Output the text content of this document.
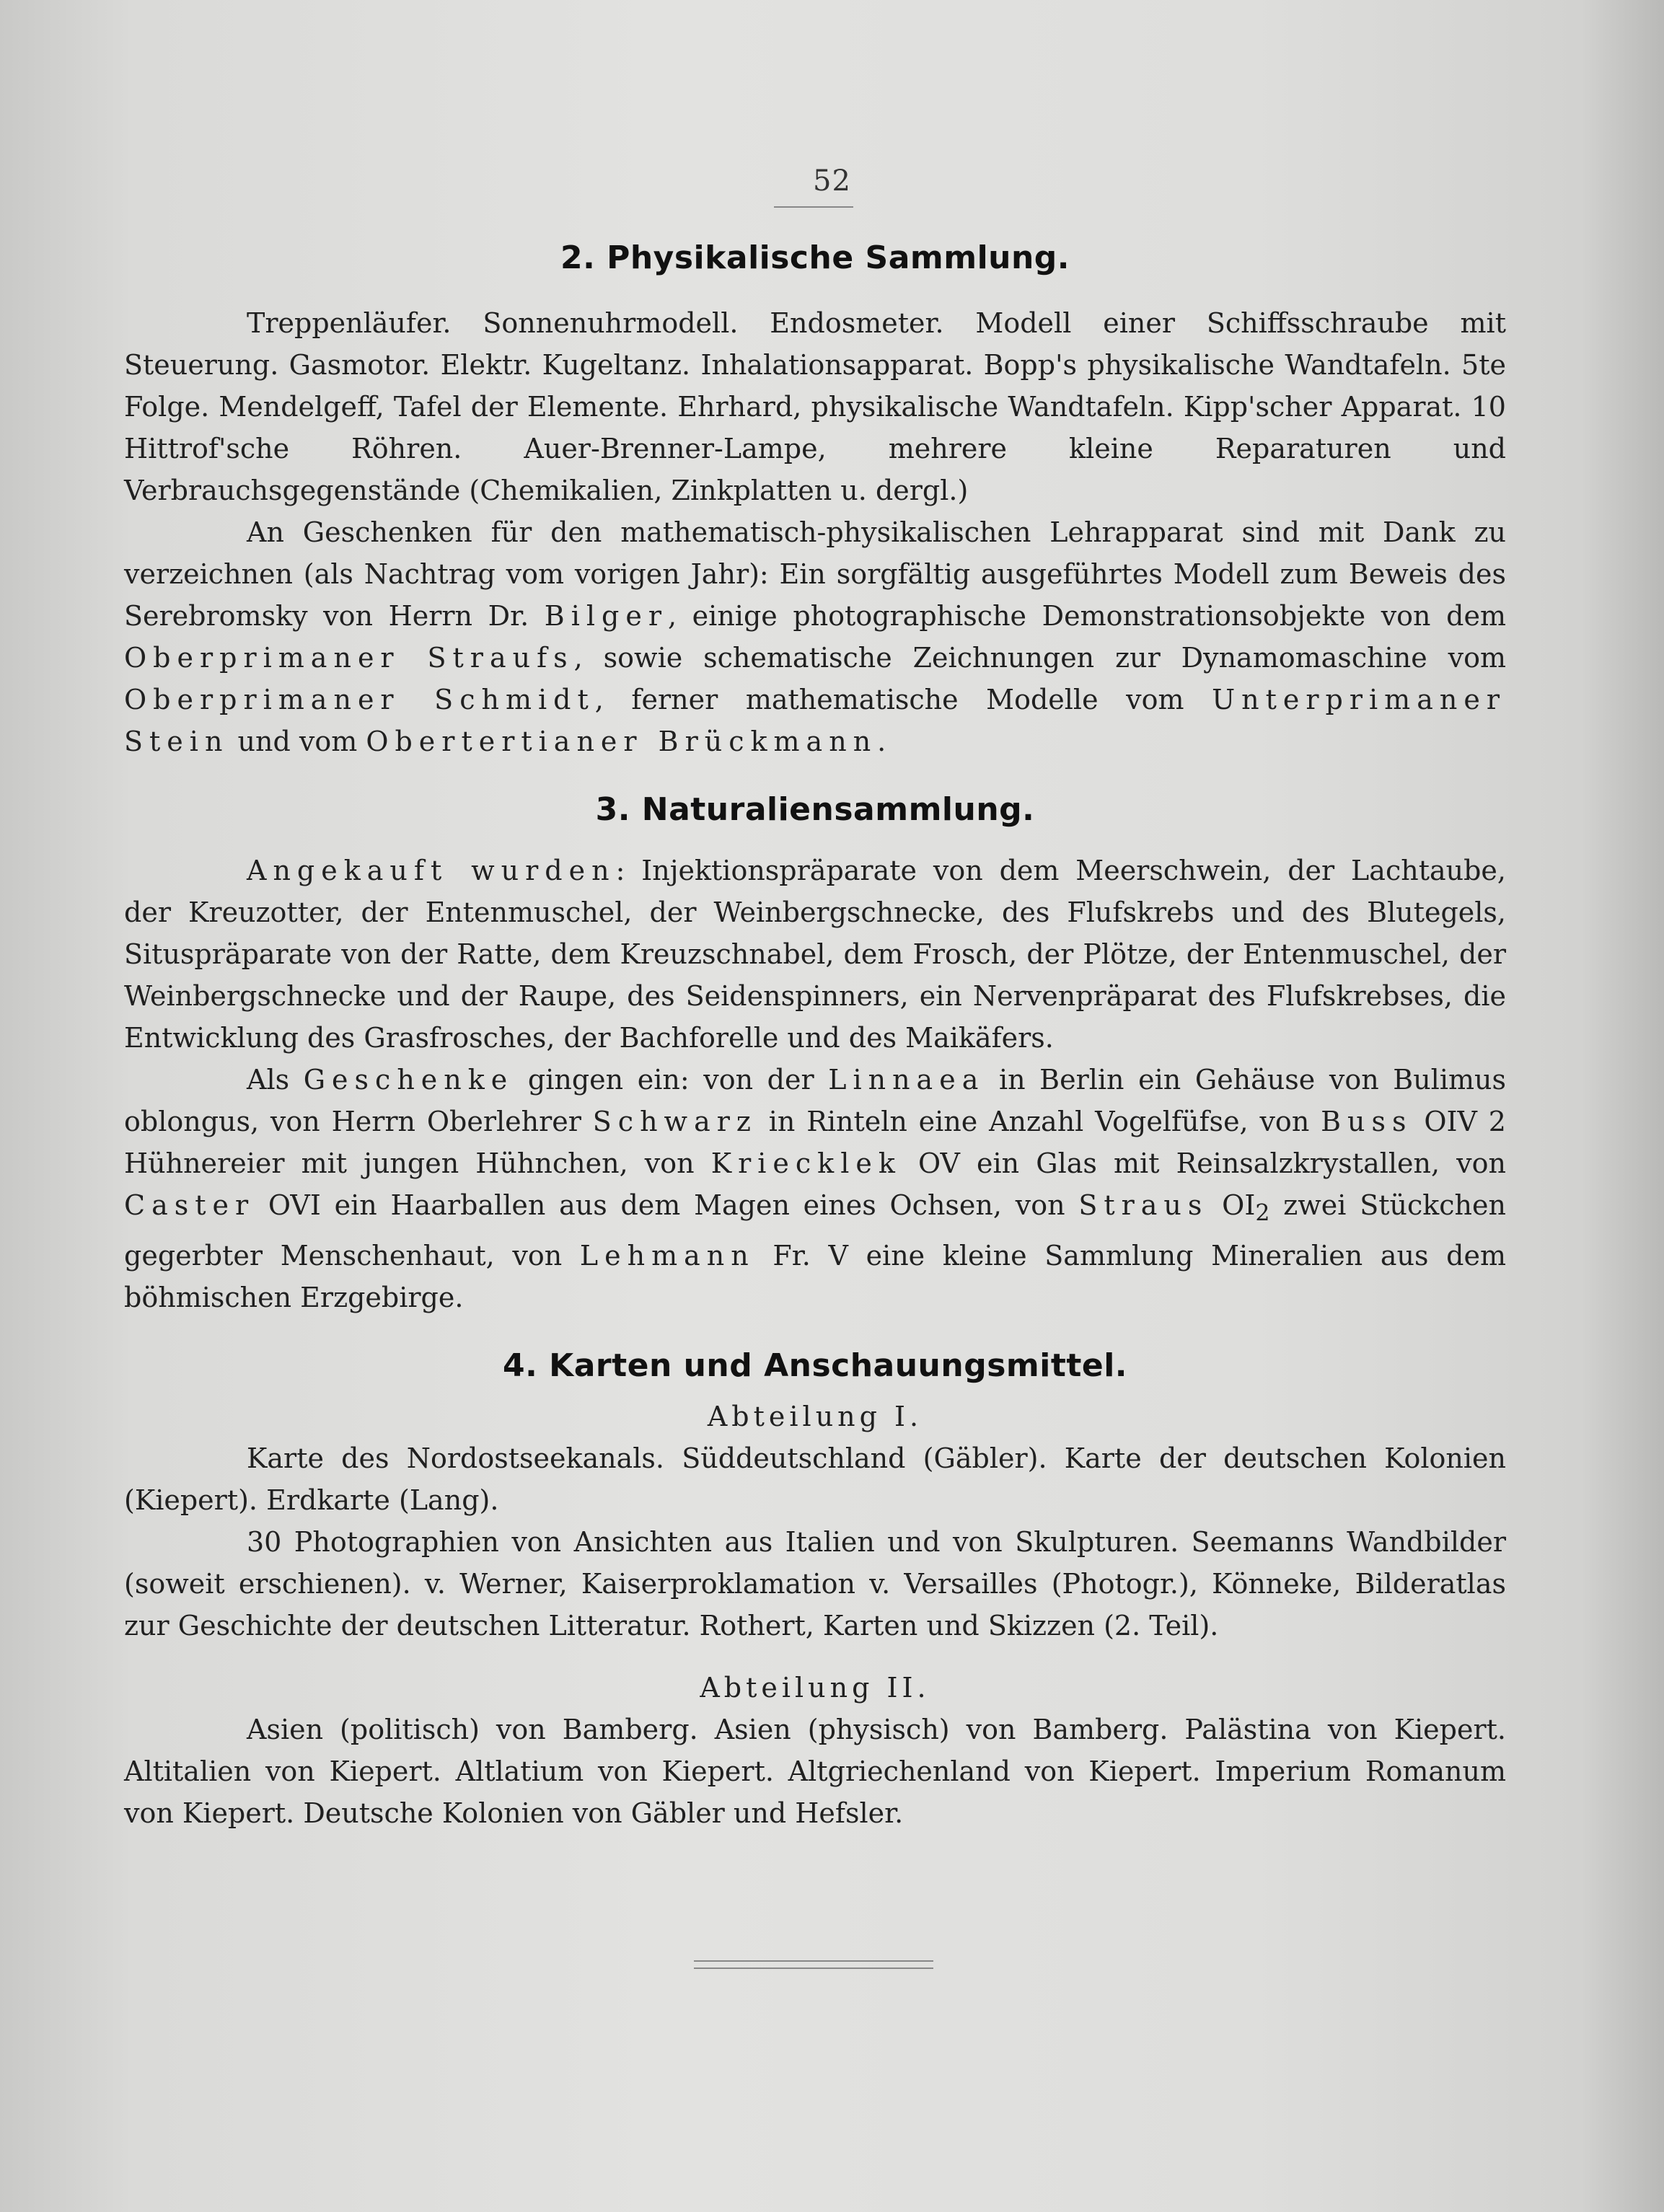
52
2. Physikalische Sammlung.

Treppenläufer. Sonnenuhrmodell. Endosmeter. Modell einer Schiffsschraube mit Steuerung. Gasmotor. Elektr. Kugeltanz. Inhalationsapparat. Bopp's physikalische Wandtafeln. 5te Folge. Mendelgeff, Tafel der Elemente. Ehrhard, physikalische Wandtafeln. Kipp'scher Apparat. 10 Hittrof'sche Röhren. Auer-Brenner-Lampe, mehrere kleine Reparaturen und Verbrauchsgegenstände (Chemikalien, Zinkplatten u. dergl.)

An Geschenken für den mathematisch-physikalischen Lehrapparat sind mit Dank zu verzeichnen (als Nachtrag vom vorigen Jahr): Ein sorgfältig ausgeführtes Modell zum Beweis des Serebromsky von Herrn Dr. Bilger, einige photographische Demonstrationsobjekte von dem Oberprimaner Straufs, sowie schematische Zeichnungen zur Dynamomaschine vom Oberprimaner Schmidt, ferner mathematische Modelle vom Unterprimaner Stein und vom Obertertianer Brückmann.

3. Naturaliensammlung.

Angekauft wurden: Injektionspräparate von dem Meerschwein, der Lachtaube, der Kreuzotter, der Entenmuschel, der Weinbergschnecke, des Flufskrebs und des Blutegels, Situspräparate von der Ratte, dem Kreuzschnabel, dem Frosch, der Plötze, der Entenmuschel, der Weinbergschnecke und der Raupe, des Seidenspinners, ein Nervenpräparat des Flufskrebses, die Entwicklung des Grasfrosches, der Bachforelle und des Maikäfers.

Als Geschenke gingen ein: von der Linnaea in Berlin ein Gehäuse von Bulimus oblongus, von Herrn Oberlehrer Schwarz in Rinteln eine Anzahl Vogelfüfse, von Buss OIV 2 Hühnereier mit jungen Hühnchen, von Kriecklek OV ein Glas mit Reinsalzkrystallen, von Caster OVI ein Haarballen aus dem Magen eines Ochsen, von Straus $OI_2$ zwei Stückchen gegerbter Menschenhaut, von Lehmann Fr. V eine kleine Sammlung Mineralien aus dem böhmischen Erzgebirge.

4. Karten und Anschauungsmittel.
Abteilung I.

Karte des Nordostseekanals. Süddeutschland (Gäbler). Karte der deutschen Kolonien (Kiepert). Erdkarte (Lang).

30 Photographien von Ansichten aus Italien und von Skulpturen. Seemanns Wandbilder (soweit erschienen). v. Werner, Kaiserproklamation v. Versailles (Photogr.), Könneke, Bilderatlas zur Geschichte der deutschen Litteratur. Rothert, Karten und Skizzen (2. Teil).

Abteilung II.

Asien (politisch) von Bamberg. Asien (physisch) von Bamberg. Palästina von Kiepert. Altitalien von Kiepert. Altlatium von Kiepert. Altgriechenland von Kiepert. Imperium Romanum von Kiepert. Deutsche Kolonien von Gäbler und Hefsler.
